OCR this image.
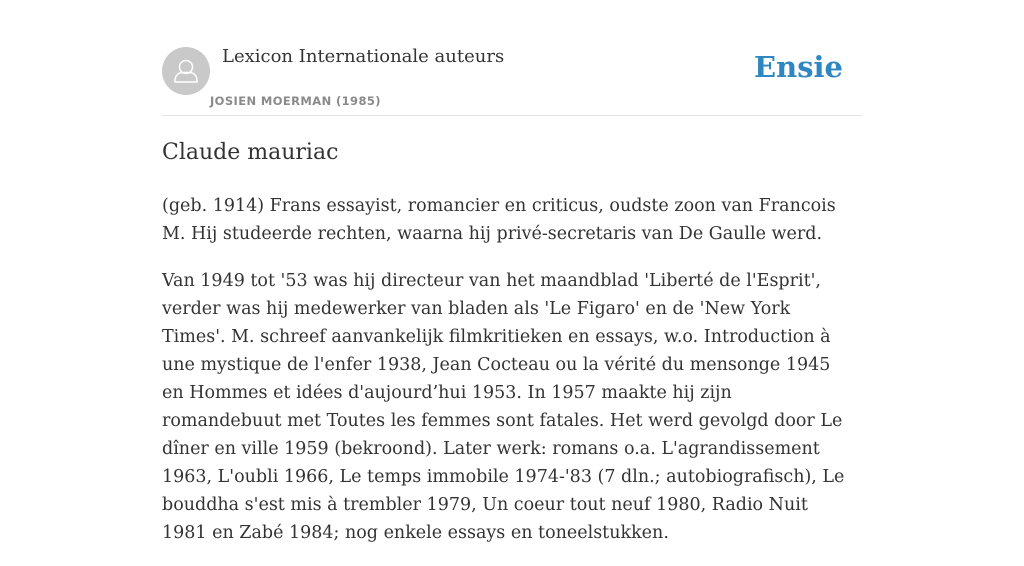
Lexicon Internationale auteurs
JOSIEN MOERMAN (1985)
Ensie
Claude mauriac

(geb. 1914) Frans essayist, romancier en criticus, oudste zoon van Francois M. Hij studeerde rechten, waarna hij privé-secretaris van De Gaulle werd.

Van 1949 tot '53 was hij directeur van het maandblad 'Liberté de l'Esprit', verder was hij medewerker van bladen als 'Le Figaro' en de 'New York Times'. M. schreef aanvankelijk filmkritieken en essays, w.o. Introduction à une mystique de l'enfer 1938, Jean Cocteau ou la vérité du mensonge 1945 en Hommes et idées d'aujourd’hui 1953. In 1957 maakte hij zijn romandebuut met Toutes les femmes sont fatales. Het werd gevolgd door Le dîner en ville 1959 (bekroond). Later werk: romans o.a. L'agrandissement 1963, L'oubli 1966, Le temps immobile 1974-'83 (7 dln.; autobiografisch), Le bouddha s'est mis à trembler 1979, Un coeur tout neuf 1980, Radio Nuit 1981 en Zabé 1984; nog enkele essays en toneelstukken.
